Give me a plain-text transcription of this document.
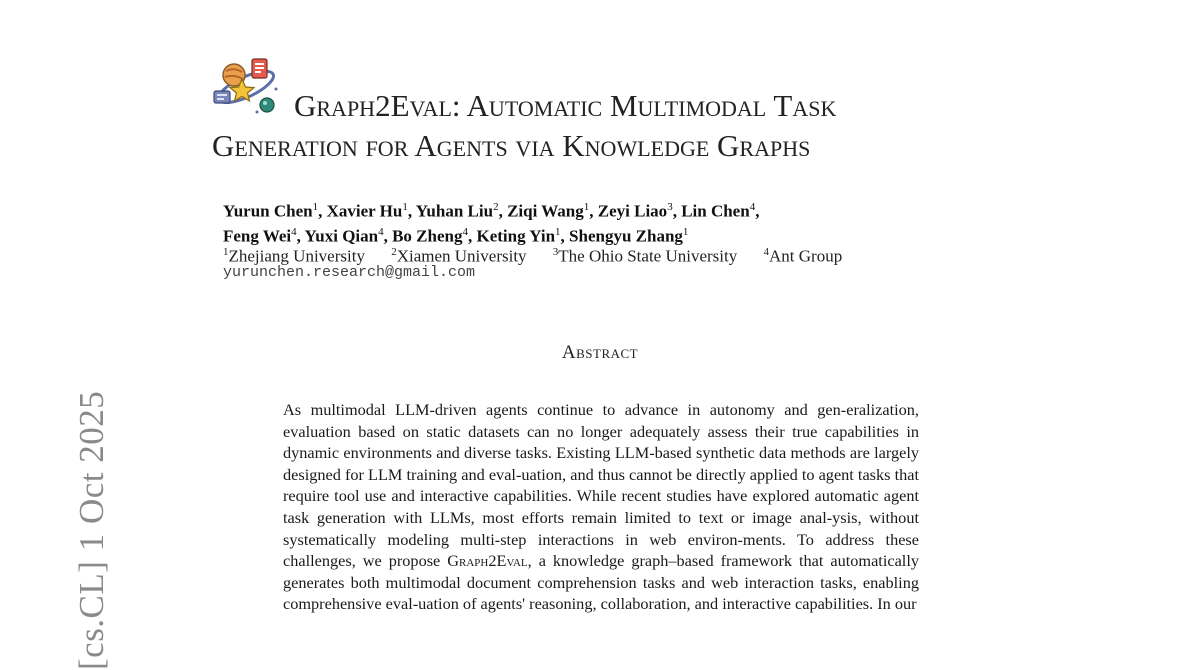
[cs.CL] 1 Oct 2025
Graph2Eval: Automatic Multimodal Task
Generation for Agents via Knowledge Graphs
Yurun Chen$^1$, Xavier Hu$^1$, Yuhan Liu$^2$, Ziqi Wang$^1$, Zeyi Liao$^3$, Lin Chen$^4$,
Feng Wei$^4$, Yuxi Qian$^4$, Bo Zheng$^4$, Keting Yin$^1$, Shengyu Zhang$^1$
$^1$Zhejiang University $^2$Xiamen University $^3$The Ohio State University $^4$Ant Group
yurunchen.research@gmail.com
Abstract
As multimodal LLM-driven agents continue to advance in autonomy and gen-eralization, evaluation based on static datasets can no longer adequately assess their true capabilities in dynamic environments and diverse tasks. Existing LLM-based synthetic data methods are largely designed for LLM training and eval-uation, and thus cannot be directly applied to agent tasks that require tool use and interactive capabilities. While recent studies have explored automatic agent task generation with LLMs, most efforts remain limited to text or image anal-ysis, without systematically modeling multi-step interactions in web environ-ments. To address these challenges, we propose Graph2Eval, a knowledge graph–based framework that automatically generates both multimodal document comprehension tasks and web interaction tasks, enabling comprehensive eval-uation of agents' reasoning, collaboration, and interactive capabilities. In our
